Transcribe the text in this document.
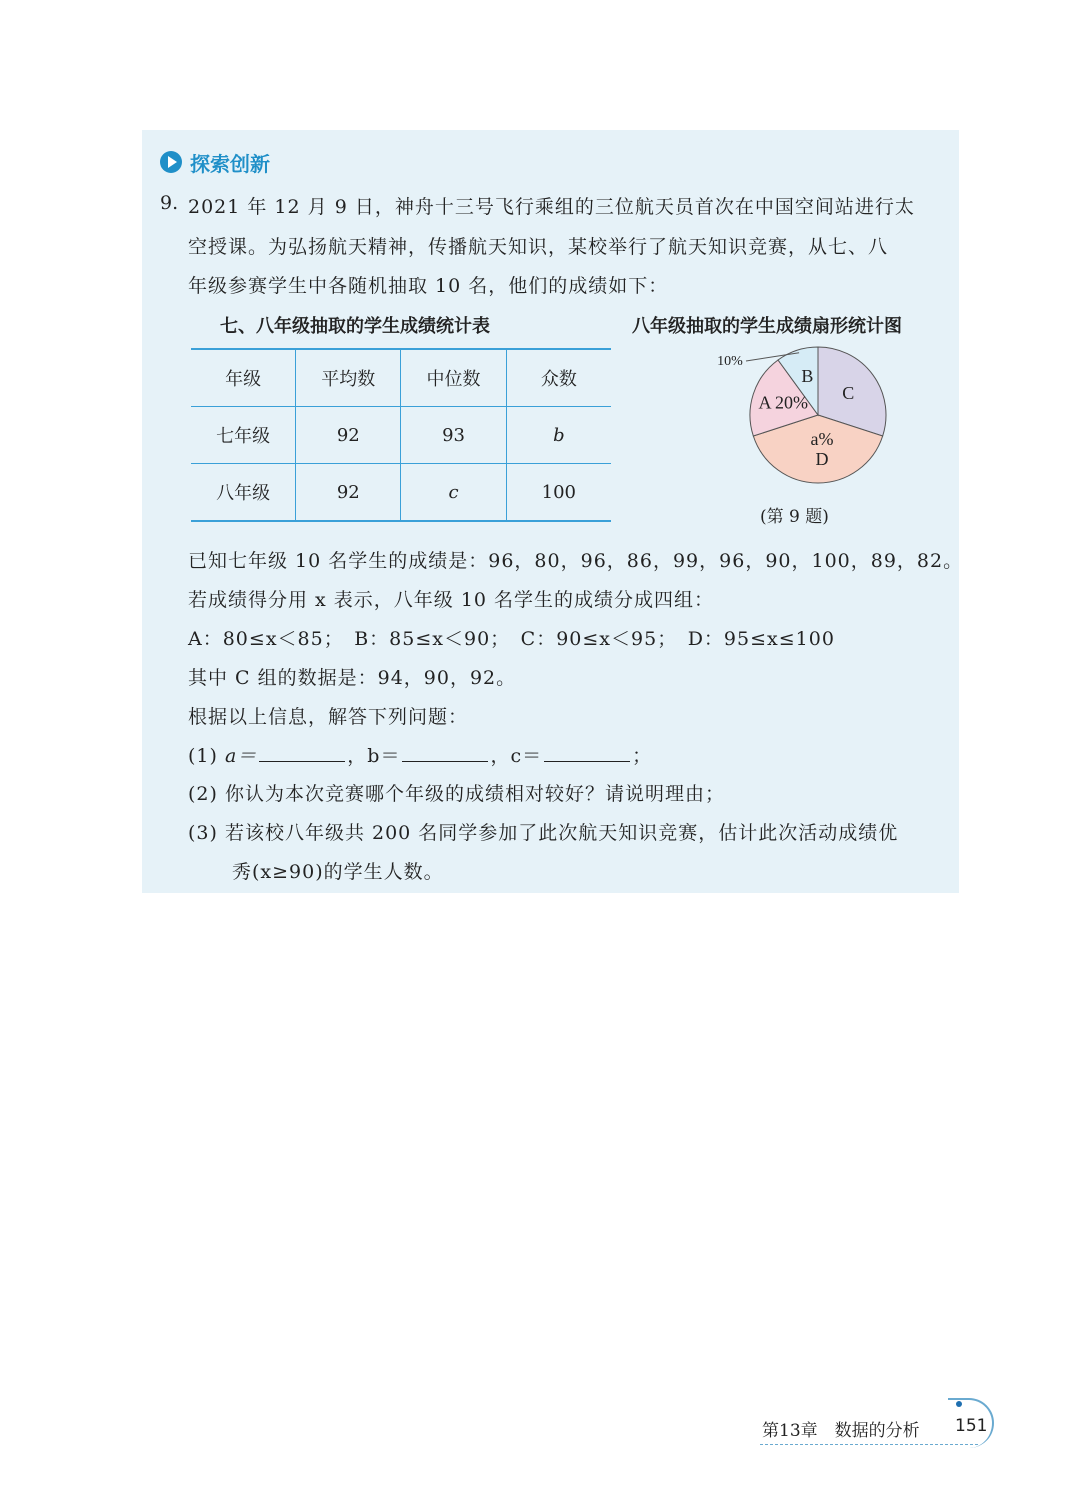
探索创新
9. 2021 年 12 月 9 日，神舟十三号飞行乘组的三位航天员首次在中国空间站进行太
空授课。为弘扬航天精神，传播航天知识，某校举行了航天知识竞赛，从七、八
年级参赛学生中各随机抽取 10 名，他们的成绩如下：
七、八年级抽取的学生成绩统计表	八年级抽取的学生成绩扇形统计图
年级	平均数	中位数	众数
七年级	92	93	b
八年级	92	c	100
C
a%
D
A 20%
B
10%
(第 9 题)
已知七年级 10 名学生的成绩是：96，80，96，86，99，96，90，100，89，82。
若成绩得分用 x 表示，八年级 10 名学生的成绩分成四组：
A：80≤x＜85；　B：85≤x＜90；　C：90≤x＜95；　D：95≤x≤100
其中 C 组的数据是：94，90，92。
根据以上信息，解答下列问题：
(1) a＝	，b＝	，c＝	；
(2) 你认为本次竞赛哪个年级的成绩相对较好？请说明理由；
(3) 若该校八年级共 200 名同学参加了此次航天知识竞赛，估计此次活动成绩优
秀(x≥90)的学生人数。
第13章　数据的分析 151
